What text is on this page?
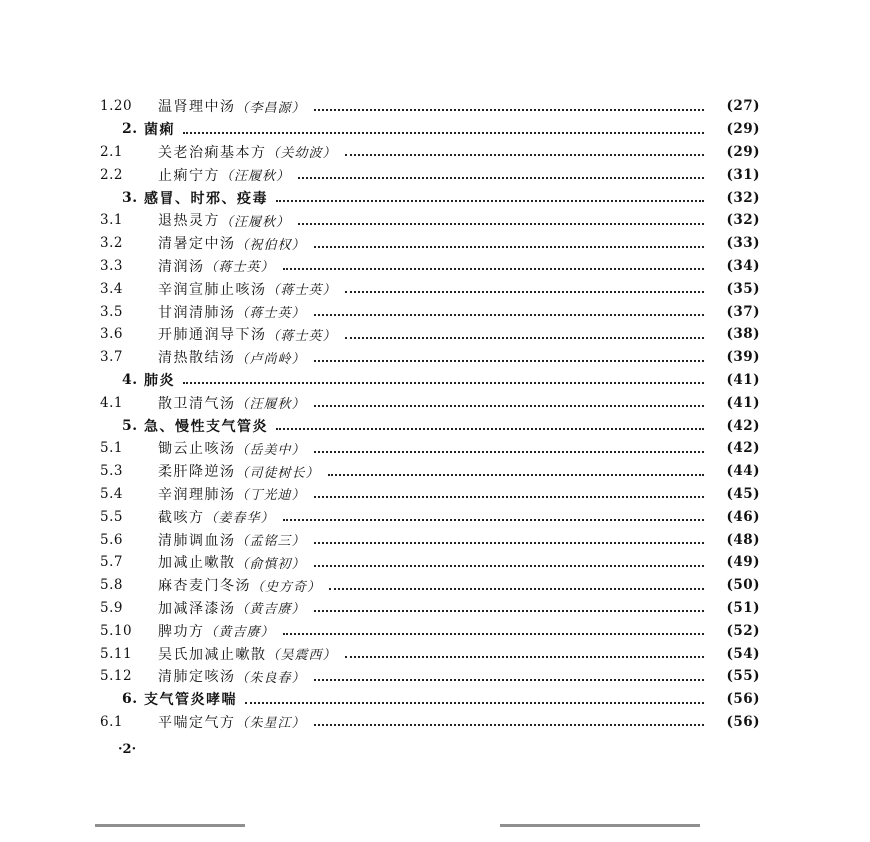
1.20	温肾理中汤 （李昌源）	(27)
2. 菌痢	(29)
2.1	关老治痢基本方 （关幼波）	(29)
2.2	止痢宁方 （汪履秋）	(31)
3. 感冒、时邪、疫毒	(32)
3.1	退热灵方 （汪履秋）	(32)
3.2	清暑定中汤 （祝伯权）	(33)
3.3	清润汤 （蒋士英）	(34)
3.4	辛润宣肺止咳汤 （蒋士英）	(35)
3.5	甘润清肺汤 （蒋士英）	(37)
3.6	开肺通润导下汤 （蒋士英）	(38)
3.7	清热散结汤 （卢尚岭）	(39)
4. 肺炎	(41)
4.1	散卫清气汤 （汪履秋）	(41)
5. 急、慢性支气管炎	(42)
5.1	锄云止咳汤 （岳美中）	(42)
5.3	柔肝降逆汤 （司徒树长）	(44)
5.4	辛润理肺汤 （丁光迪）	(45)
5.5	截咳方 （姜春华）	(46)
5.6	清肺调血汤 （孟铭三）	(48)
5.7	加减止嗽散 （俞慎初）	(49)
5.8	麻杏麦门冬汤 （史方奇）	(50)
5.9	加减泽漆汤 （黄吉赓）	(51)
5.10	脾功方 （黄吉赓）	(52)
5.11	吴氏加减止嗽散 （吴震西）	(54)
5.12	清肺定咳汤 （朱良春）	(55)
6. 支气管炎哮喘	(56)
6.1	平喘定气方 （朱星江）	(56)
·2·
